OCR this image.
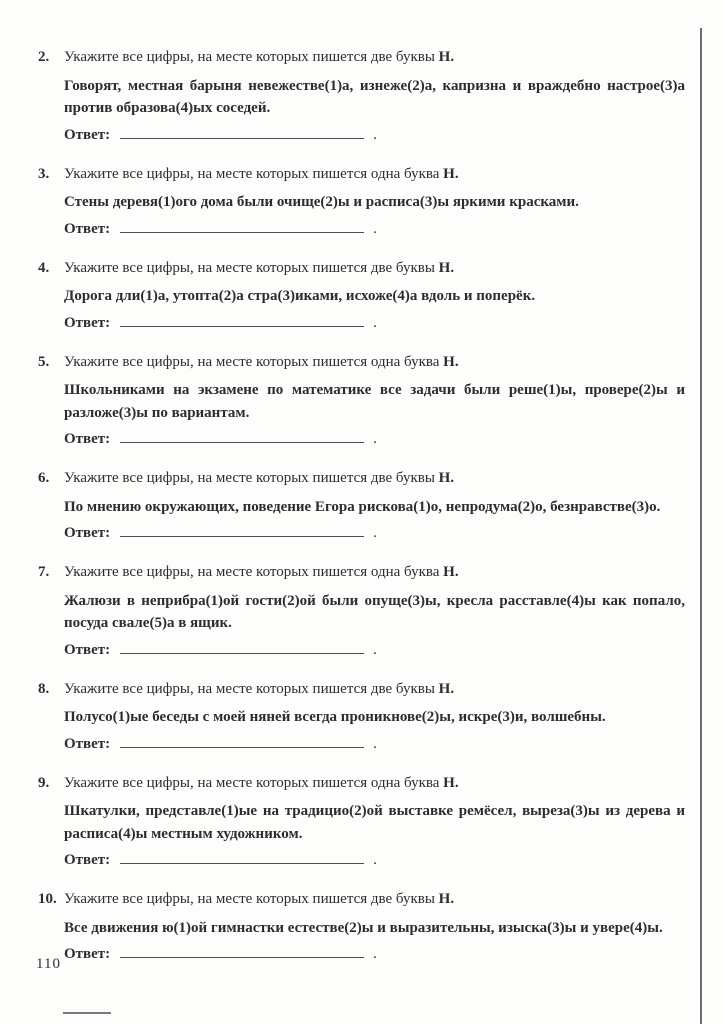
2. Укажите все цифры, на месте которых пишется две буквы Н.

Говорят, местная барыня невежестве(1)а, изнеже(2)а, капризна и враждебно настрое(3)а против образова(4)ых соседей.

Ответ:	.
3. Укажите все цифры, на месте которых пишется одна буква Н.

Стены деревя(1)ого дома были очище(2)ы и расписа(3)ы яркими красками.

Ответ:	.
4. Укажите все цифры, на месте которых пишется две буквы Н.

Дорога дли(1)а, утопта(2)а стра(3)иками, исхоже(4)а вдоль и поперёк.

Ответ:	.
5. Укажите все цифры, на месте которых пишется одна буква Н.

Школьниками на экзамене по математике все задачи были реше(1)ы, провере(2)ы и разложе(3)ы по вариантам.

Ответ:	.
6. Укажите все цифры, на месте которых пишется две буквы Н.

По мнению окружающих, поведение Егора рискова(1)о, непродума(2)о, безнравстве(3)о.

Ответ:	.
7. Укажите все цифры, на месте которых пишется одна буква Н.

Жалюзи в неприбра(1)ой гости(2)ой были опуще(3)ы, кресла расставле(4)ы как попало, посуда свале(5)а в ящик.

Ответ:	.
8. Укажите все цифры, на месте которых пишется две буквы Н.

Полусо(1)ые беседы с моей няней всегда проникнове(2)ы, искре(3)и, волшебны.

Ответ:	.
9. Укажите все цифры, на месте которых пишется одна буква Н.

Шкатулки, представле(1)ые на традицио(2)ой выставке ремёсел, выреза(3)ы из дерева и расписа(4)ы местным художником.

Ответ:	.
10. Укажите все цифры, на месте которых пишется две буквы Н.

Все движения ю(1)ой гимнастки естестве(2)ы и выразительны, изыска(3)ы и увере(4)ы.

Ответ:	.
110
